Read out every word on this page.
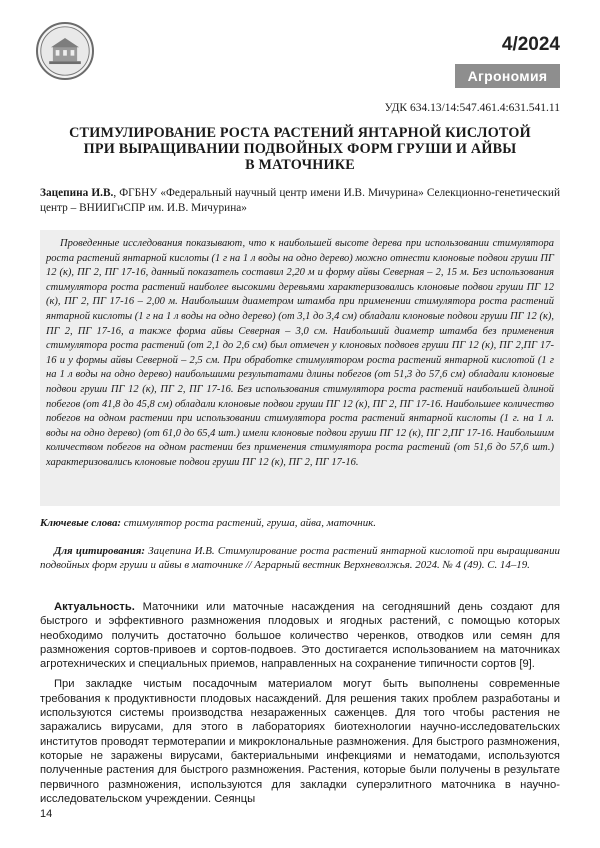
4/2024
Агрономия
УДК 634.13/14:547.461.4:631.541.11
СТИМУЛИРОВАНИЕ РОСТА РАСТЕНИЙ ЯНТАРНОЙ КИСЛОТОЙ
ПРИ ВЫРАЩИВАНИИ ПОДВОЙНЫХ ФОРМ ГРУШИ И АЙВЫ
В МАТОЧНИКЕ
Зацепина И.В., ФГБНУ «Федеральный научный центр имени И.В. Мичурина» Селекционно-генетический центр – ВНИИГиСПР им. И.В. Мичурина»
Проведенные исследования показывают, что к наибольшей высоте дерева при использовании стимулятора роста растений янтарной кислоты (1 г на 1 л воды на одно дерево) можно отнести клоновые подвои груши ПГ 12 (к), ПГ 2, ПГ 17-16, данный показатель составил 2,20 м и форму айвы Северная – 2, 15 м. Без использования стимулятора роста растений наиболее высокими деревьями характеризовались клоновые подвои груши ПГ 12 (к), ПГ 2, ПГ 17-16 – 2,00 м. Наибольшим диаметром штамба при применении стимулятора роста растений янтарной кислоты (1 г на 1 л воды на одно дерево) (от 3,1 до 3,4 см) обладали клоновые подвои груши ПГ 12 (к), ПГ 2, ПГ 17-16, а также форма айвы Северная – 3,0 см. Наибольший диаметр штамба без применения стимулятора роста растений (от 2,1 до 2,6 см) был отмечен у клоновых подвоев груши ПГ 12 (к), ПГ 2,ПГ 17-16 и у формы айвы Северной – 2,5 см. При обработке стимулятором роста растений янтарной кислотой (1 г на 1 л воды на одно дерево) наибольшими результатами длины побегов (от 51,3 до 57,6 см) обладали клоновые подвои груши ПГ 12 (к), ПГ 2, ПГ 17-16. Без использования стимулятора роста растений наибольшей длиной побегов (от 41,8 до 45,8 см) обладали клоновые подвои груши ПГ 12 (к), ПГ 2, ПГ 17-16. Наибольшее количество побегов на одном растении при использовании стимулятора роста растений янтарной кислоты (1 г. на 1 л. воды на одно дерево) (от 61,0 до 65,4 шт.) имели клоновые подвои груши ПГ 12 (к), ПГ 2,ПГ 17-16. Наибольшим количеством побегов на одном растении без применения стимулятора роста растений (от 51,6 до 57,6 шт.) характеризовались клоновые подвои груши ПГ 12 (к), ПГ 2, ПГ 17-16.
Ключевые слова: стимулятор роста растений, груша, айва, маточник.
Для цитирования: Зацепина И.В. Стимулирование роста растений янтарной кислотой при выращивании подвойных форм груши и айвы в маточнике // Аграрный вестник Верхневолжья. 2024. № 4 (49). С. 14–19.

Актуальность. Маточники или маточные насаждения на сегодняшний день создают для быстрого и эффективного размножения плодовых и ягодных растений, с помощью которых необходимо получить достаточно большое количество черенков, отводков или семян для размножения сортов-привоев и сортов-подвоев. Это достигается использованием на маточниках агротехнических и специальных приемов, направленных на сохранение типичности сортов [9].

При закладке чистым посадочным материалом могут быть выполнены современные требования к продуктивности плодовых насаждений. Для решения таких проблем разработаны и используются системы производства незараженных саженцев. Для того чтобы растения не заражались вирусами, для этого в лабораториях биотехнологии научно-исследовательских институтов проводят термотерапии и микроклональные размножения. Для быстрого размножения, которые не заражены вирусами, бактериальными инфекциями и нематодами, используются полученные растения для быстрого размножения. Растения, которые были получены в результате первичного размножения, используются для закладки суперэлитного маточника в научно-исследовательском учреждении. Сеянцы

14
